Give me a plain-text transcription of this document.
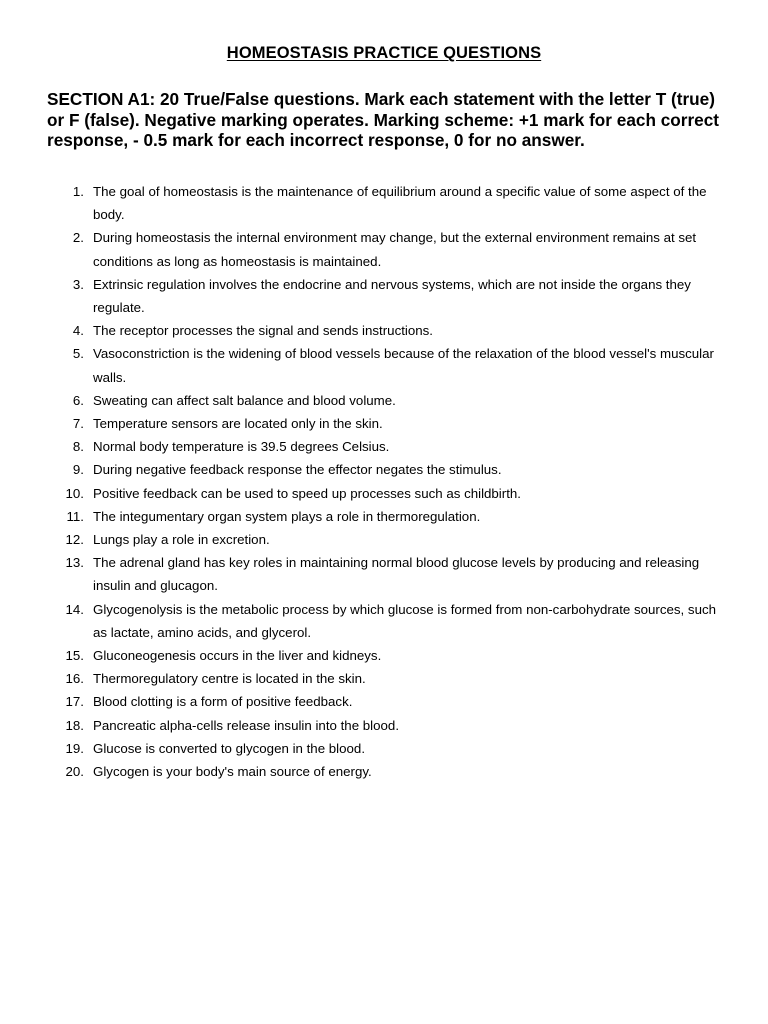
HOMEOSTASIS PRACTICE QUESTIONS

SECTION A1: 20 True/False questions. Mark each statement with the letter T (true) or F (false). Negative marking operates. Marking scheme: +1 mark for each correct response, - 0.5 mark for each incorrect response, 0 for no answer.

1. The goal of homeostasis is the maintenance of equilibrium around a specific value of some aspect of the body.
2. During homeostasis the internal environment may change, but the external environment remains at set conditions as long as homeostasis is maintained.
3. Extrinsic regulation involves the endocrine and nervous systems, which are not inside the organs they regulate.
4. The receptor processes the signal and sends instructions.
5. Vasoconstriction is the widening of blood vessels because of the relaxation of the blood vessel's muscular walls.
6. Sweating can affect salt balance and blood volume.
7. Temperature sensors are located only in the skin.
8. Normal body temperature is 39.5 degrees Celsius.
9. During negative feedback response the effector negates the stimulus.
10. Positive feedback can be used to speed up processes such as childbirth.
11. The integumentary organ system plays a role in thermoregulation.
12. Lungs play a role in excretion.
13. The adrenal gland has key roles in maintaining normal blood glucose levels by producing and releasing insulin and glucagon.
14. Glycogenolysis is the metabolic process by which glucose is formed from non-carbohydrate sources, such as lactate, amino acids, and glycerol.
15. Gluconeogenesis occurs in the liver and kidneys.
16. Thermoregulatory centre is located in the skin.
17. Blood clotting is a form of positive feedback.
18. Pancreatic alpha-cells release insulin into the blood.
19. Glucose is converted to glycogen in the blood.
20. Glycogen is your body's main source of energy.
